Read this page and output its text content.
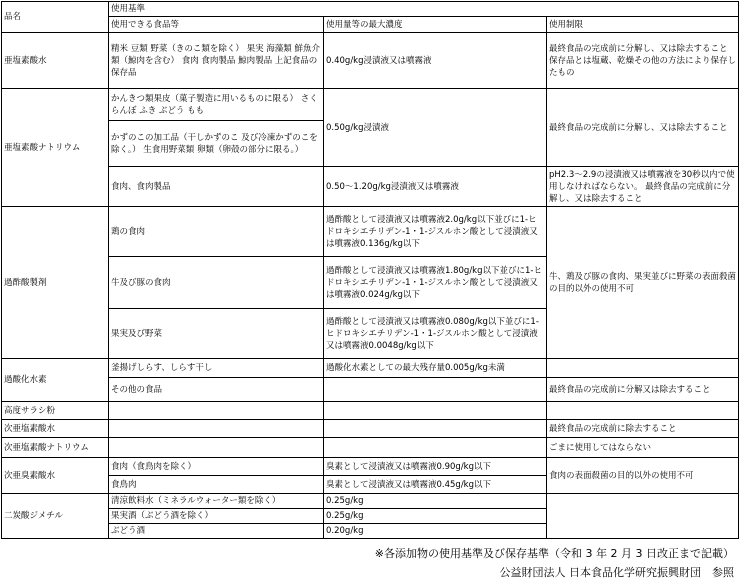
品名	使用基準		
	使用できる食品等	使用量等の最大濃度	使用制限
亜塩素酸水	精米 豆類 野菜（きのこ類を除く） 果実 海藻類 鮮魚介類（鯨肉を含む） 食肉 食肉製品 鯨肉製品 上記食品の保存品	0.40g/kg浸漬液又は噴霧液	最終食品の完成前に分解し、又は除去すること　保存品とは塩蔵、乾燥その他の方法により保存したもの
亜塩素酸ナトリウム	かんきつ類果皮（菓子製造に用いるものに限る） さくらんぼ ふき ぶどう もも	0.50g/kg浸漬液	最終食品の完成前に分解し、又は除去すること
	かずのこの加工品（干しかずのこ 及び冷凍かずのこを除く。） 生食用野菜類 卵類（卵殻の部分に限る。）		
	食肉、食肉製品	0.50～1.20g/kg浸漬液又は噴霧液	pH2.3～2.9の浸漬液又は噴霧液を30秒以内で使用しなければならない。 最終食品の完成前に分解し、又は除去すること
過酢酸製剤	鶏の食肉	過酢酸として浸漬液又は噴霧液2.0g/kg以下並びに1-ヒドロキシエチリデン-1・1-ジスルホン酸として浸漬液又は噴霧液0.136g/kg以下	牛、鶏及び豚の食肉、果実並びに野菜の表面殺菌の目的以外の使用不可
	牛及び豚の食肉	過酢酸として浸漬液又は噴霧液1.80g/kg以下並びに1-ヒドロキシエチリデン-1・1-ジスルホン酸として浸漬液又は噴霧液0.024g/kg以下	
	果実及び野菜	過酢酸として浸漬液又は噴霧液0.080g/kg以下並びに1-ヒドロキシエチリデン-1・1-ジスルホン酸として浸漬液又は噴霧液0.0048g/kg以下	
過酸化水素	釜揚げしらす、しらす干し	過酸化水素としての最大残存量0.005g/kg未満	
	その他の食品		最終食品の完成前に分解又は除去すること
高度サラシ粉			
次亜塩素酸水			最終食品の完成前に除去すること
次亜塩素酸ナトリウム			ごまに使用してはならない
次亜臭素酸水	食肉（食鳥肉を除く）	臭素として浸漬液又は噴霧液0.90g/kg以下	食肉の表面殺菌の目的以外の使用不可
	食鳥肉	臭素として浸漬液又は噴霧液0.45g/kg以下	
二炭酸ジメチル	清涼飲料水（ミネラルウォーター類を除く）	0.25g/kg	
	果実酒（ぶどう酒を除く）	0.25g/kg	
	ぶどう酒	0.20g/kg	
※各添加物の使用基準及び保存基準（令和 3 年 2 月 3 日改正まで記載）
公益財団法人 日本食品化学研究振興財団　参照
